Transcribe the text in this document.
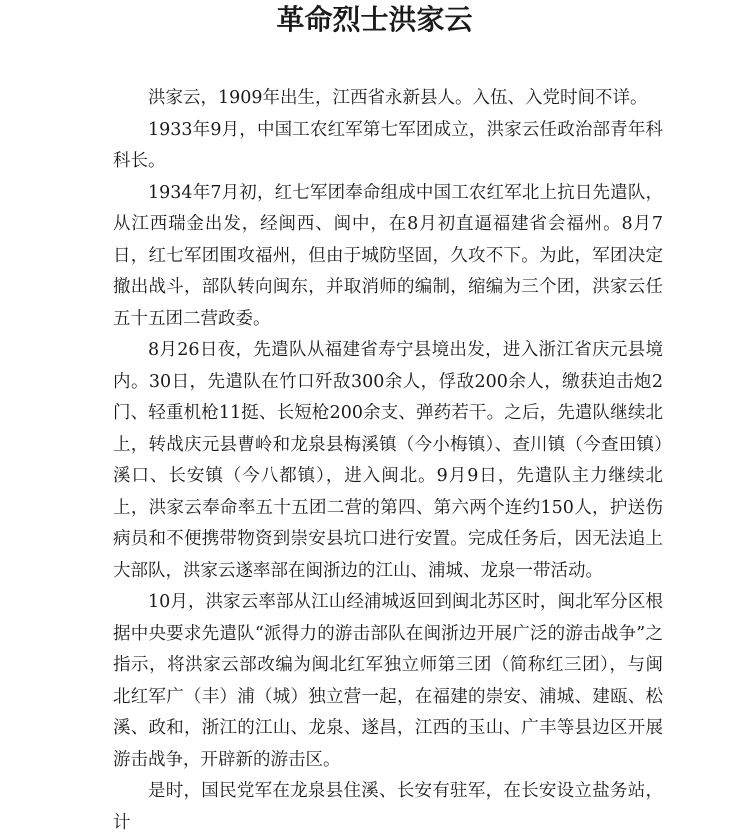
革命烈士洪家云

洪家云，1909年出生，江西省永新县人。入伍、入党时间不详。

1933年9月，中国工农红军第七军团成立，洪家云任政治部青年科科长。

1934年7月初，红七军团奉命组成中国工农红军北上抗日先遣队，从江西瑞金出发，经闽西、闽中，在8月初直逼福建省会福州。8月7日，红七军团围攻福州，但由于城防坚固，久攻不下。为此，军团决定撤出战斗，部队转向闽东，并取消师的编制，缩编为三个团，洪家云任五十五团二营政委。

8月26日夜，先遣队从福建省寿宁县境出发，进入浙江省庆元县境内。30日，先遣队在竹口歼敌300余人，俘敌200余人，缴获迫击炮2门、轻重机枪11挺、长短枪200余支、弹药若干。之后，先遣队继续北上，转战庆元县曹岭和龙泉县梅溪镇（今小梅镇）、查川镇（今查田镇）溪口、长安镇（今八都镇），进入闽北。9月9日，先遣队主力继续北上，洪家云奉命率五十五团二营的第四、第六两个连约150人，护送伤病员和不便携带物资到崇安县坑口进行安置。完成任务后，因无法追上大部队，洪家云遂率部在闽浙边的江山、浦城、龙泉一带活动。

10月，洪家云率部从江山经浦城返回到闽北苏区时，闽北军分区根据中央要求先遣队“派得力的游击部队在闽浙边开展广泛的游击战争”之指示，将洪家云部改编为闽北红军独立师第三团（简称红三团），与闽北红军广（丰）浦（城）独立营一起，在福建的崇安、浦城、建瓯、松溪、政和，浙江的江山、龙泉、遂昌，江西的玉山、广丰等县边区开展游击战争，开辟新的游击区。

是时，国民党军在龙泉县住溪、长安有驻军，在长安设立盐务站，计
